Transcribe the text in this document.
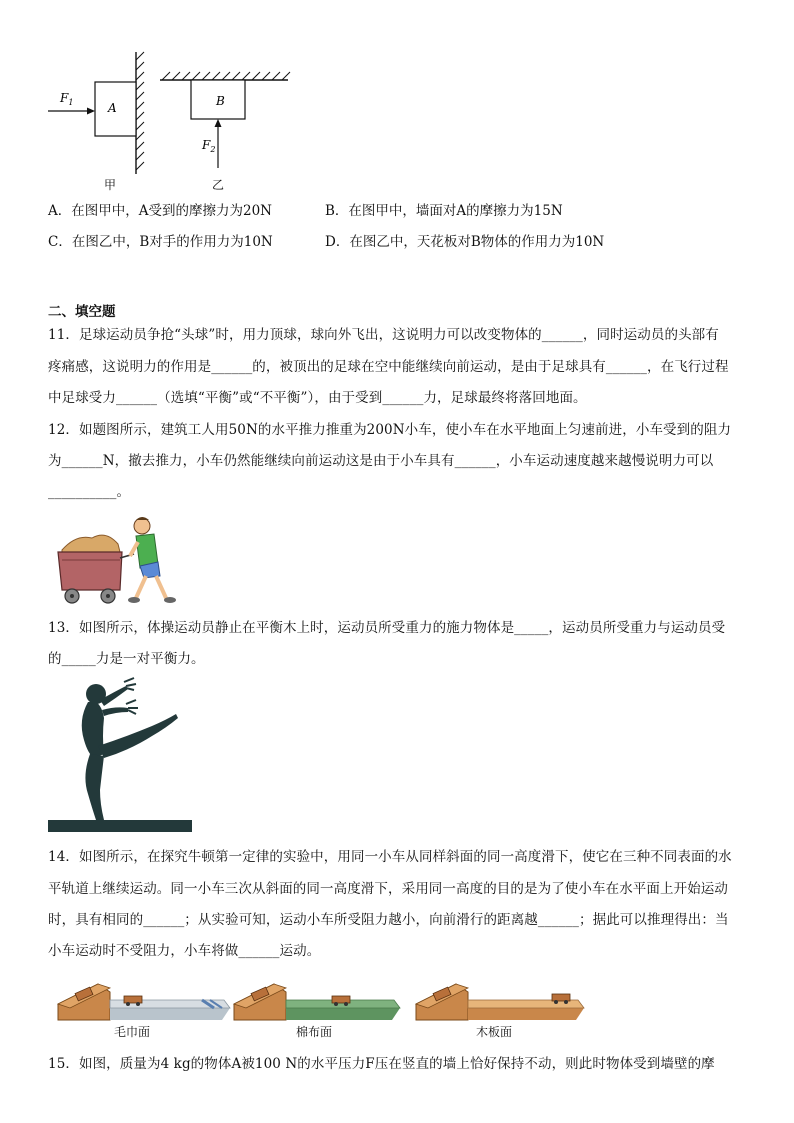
A
$F_1$	B
$F_2$
甲	乙
A．在图甲中，A受到的摩擦力为20N	B．在图甲中，墙面对A的摩擦力为15N
C．在图乙中，B对手的作用力为10N	D．在图乙中，天花板对B物体的作用力为10N
二、填空题
11．足球运动员争抢“头球”时，用力顶球，球向外飞出，这说明力可以改变物体的______，同时运动员的头部有
疼痛感，这说明力的作用是______的，被顶出的足球在空中能继续向前运动，是由于足球具有______，在飞行过程
中足球受力______（选填“平衡”或“不平衡”），由于受到______力，足球最终将落回地面。
12．如题图所示，建筑工人用50N的水平推力推重为200N小车，使小车在水平地面上匀速前进，小车受到的阻力
为______N，撤去推力，小车仍然能继续向前运动这是由于小车具有______，小车运动速度越来越慢说明力可以
__________。
13．如图所示，体操运动员静止在平衡木上时，运动员所受重力的施力物体是_____，运动员所受重力与运动员受
的_____力是一对平衡力。
14．如图所示，在探究牛顿第一定律的实验中，用同一小车从同样斜面的同一高度滑下，使它在三种不同表面的水
平轨道上继续运动。同一小车三次从斜面的同一高度滑下，采用同一高度的目的是为了使小车在水平面上开始运动
时，具有相同的______；从实验可知，运动小车所受阻力越小，向前滑行的距离越______；据此可以推理得出：当
小车运动时不受阻力，小车将做______运动。
毛巾面	棉布面	木板面
15．如图，质量为4 kg的物体A被100 N的水平压力F压在竖直的墙上恰好保持不动，则此时物体受到墙壁的摩
